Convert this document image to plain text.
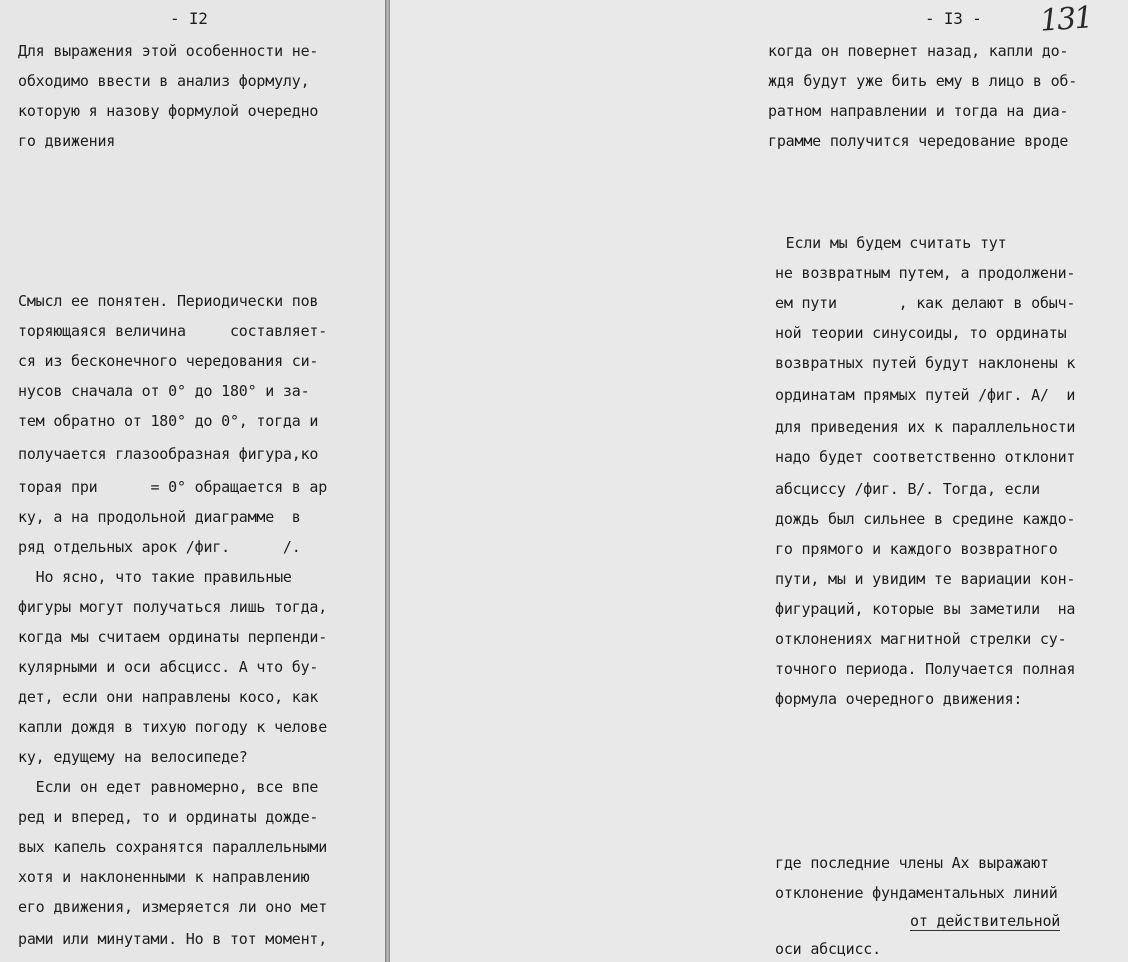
- I2
Для выражения этой особенности не-
обходимо ввести в анализ формулу,
которую я назову формулой очередно
го движения
Смысл ее понятен. Периодически пов
торяющаяся величина     составляет-
ся из бесконечного чередования си-
нусов сначала от 0° до 180° и за-
тем обратно от 180° до 0°, тогда и
получается глазообразная фигура,ко
торая при      = 0° обращается в ар
ку, а на продольной диаграмме  в
ряд отдельных арок /фиг.      /.
Но ясно, что такие правильные
фигуры могут получаться лишь тогда,
когда мы считаем ординаты перпенди-
кулярными и оси абсцисс. А что бу-
дет, если они направлены косо, как
капли дождя в тихую погоду к челове
ку, едущему на велосипеде?
Если он едет равномерно, все впе
ред и вперед, то и ординаты дожде-
вых капель сохранятся параллельными
хотя и наклоненными к направлению
его движения, измеряется ли оно мет
рами или минутами. Но в тот момент,
- I3 -
когда он повернет назад, капли до-
ждя будут уже бить ему в лицо в об-
ратном направлении и тогда на диа-
грамме получится чередование вроде
Если мы будем считать тут
не возвратным путем, а продолжени-
ем пути       , как делают в обыч-
ной теории синусоиды, то ординаты
возвратных путей будут наклонены к
ординатам прямых путей /фиг. А/  и
для приведения их к параллельности
надо будет соответственно отклонит
абсциссу /фиг. В/. Тогда, если
дождь был сильнее в средине каждо-
го прямого и каждого возвратного
пути, мы и увидим те вариации кон-
фигураций, которые вы заметили  на
отклонениях магнитной стрелки су-
точного периода. Получается полная
формула очередного движения:
где последние члены Ax выражают
отклонение фундаментальных линий
от действительной
оси абсцисс.
131
